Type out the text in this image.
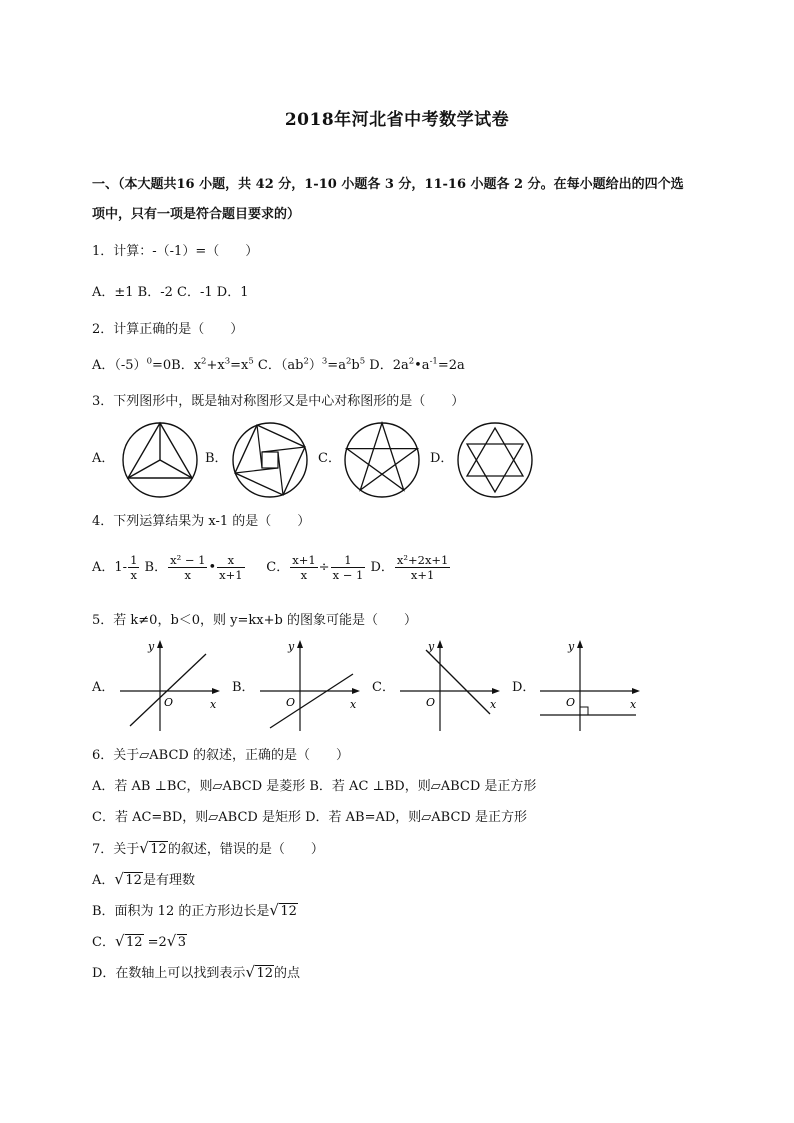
2018年河北省中考数学试卷
一、（本大题共16 小题，共 42 分，1-10 小题各 3 分，11-16 小题各 2 分。在每小题给出的四个选
项中，只有一项是符合题目要求的）
1．计算：-（-1）=（　　）
A．±1 B．-2 C．-1 D．1
2．计算正确的是（　　）
A．$(-5)^0=0B$．$x^2+x^3=x^5$ C．$(ab^2)^3=a^2b^5$ D．$2a^2•a^{-1}=2a$
3．下列图形中，既是轴对称图形又是中心对称图形的是（　　）
A．	B．	C．	D．
4．下列运算结果为 x-1 的是（　　）
A．$1- \frac{1}{x}$ B． $\frac{\text{x² − 1}}{x}$ • $\frac{x}{x+1}$ C． $\frac{x+1}{x} \div \frac{1}{x - 1}$ D． $\frac{\text{x²+2x+1}}{x+1}$
5．若 k≠0，b＜0，则 y=kx+b 的图象可能是（　　）
A．	B．	C．	D．
y
x
O
y
x
O
y
x
O
y
x
O
6．关于▱ABCD 的叙述，正确的是（　　）
A．若 AB ⊥BC，则▱ABCD 是菱形 B．若 AC ⊥BD，则▱ABCD 是正方形
C．若 AC=BD，则▱ABCD 是矩形 D．若 AB=AD，则▱ABCD 是正方形
7．关于 √ 12的叙述，错误的是（　　）
A． √ 12是有理数
B．面积为 12 的正方形边长是 √ 12
C． √ 12 =2 √ 3
D．在数轴上可以找到表示 √ 12的点
